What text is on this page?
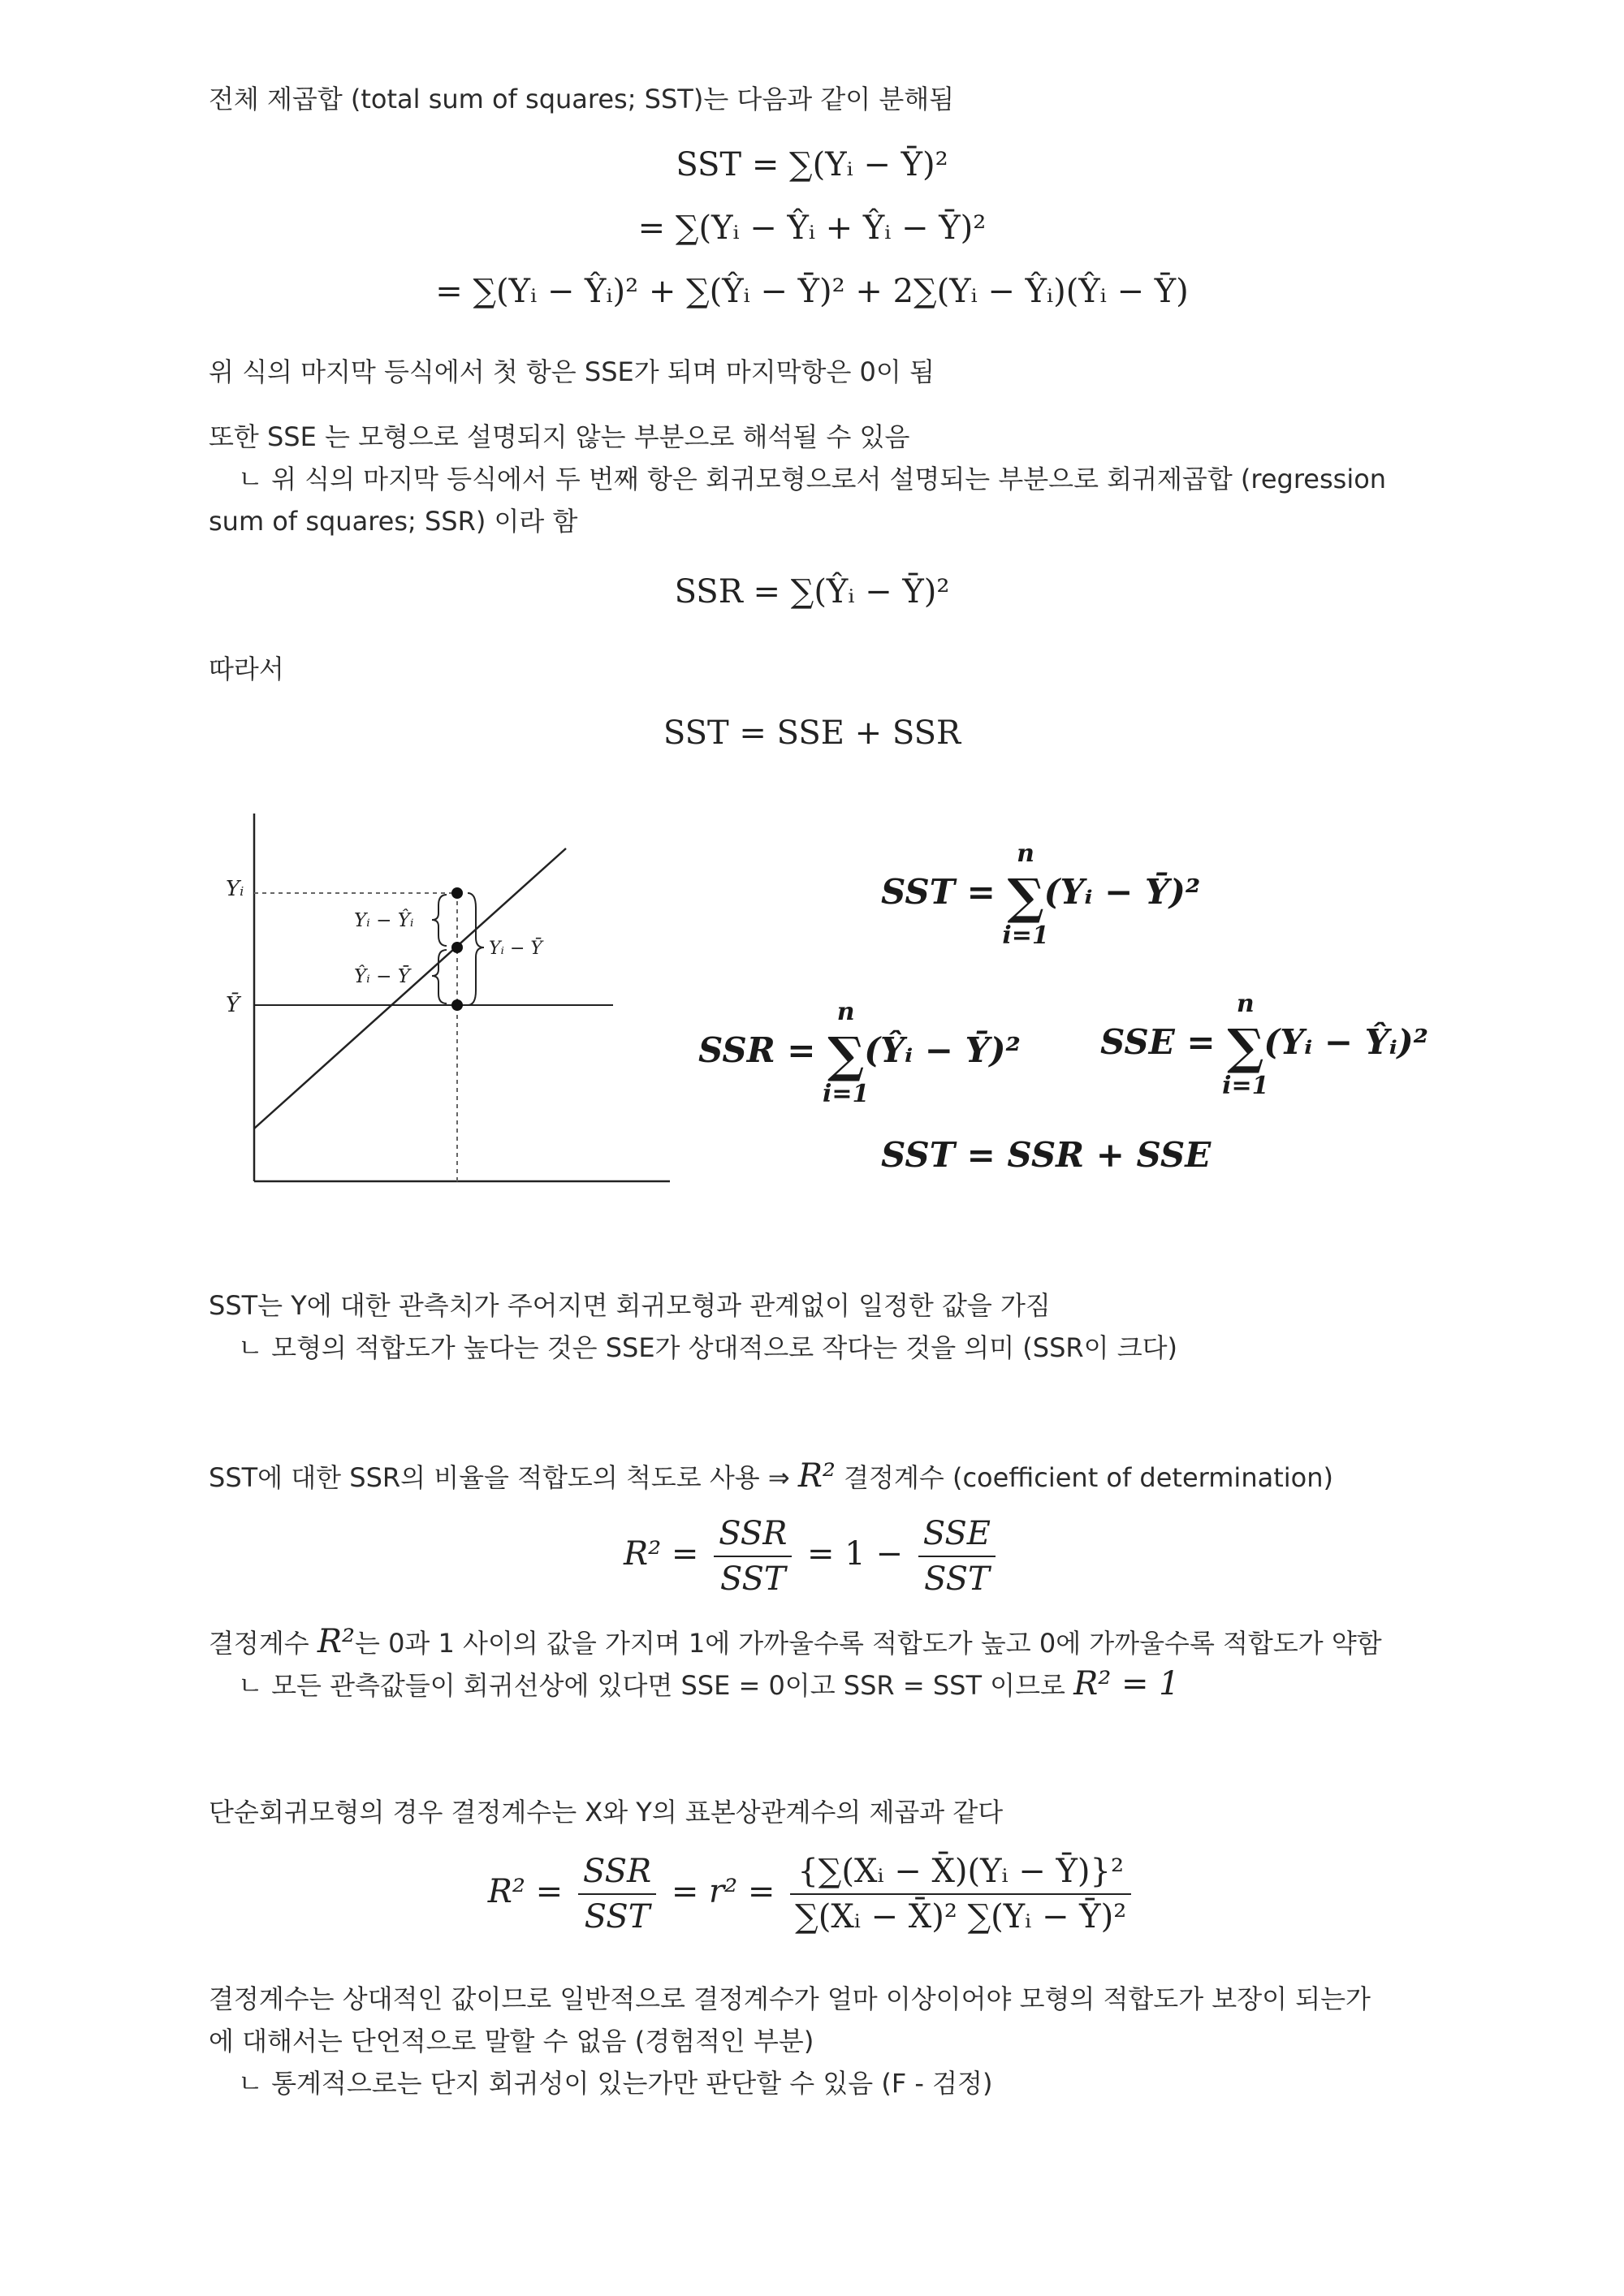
전체 제곱합 (total sum of squares; SST)는 다음과 같이 분해됨

SST = ∑(Yᵢ − Ȳ)²
= ∑(Yᵢ − Ŷᵢ + Ŷᵢ − Ȳ)²
= ∑(Yᵢ − Ŷᵢ)² + ∑(Ŷᵢ − Ȳ)² + 2∑(Yᵢ − Ŷᵢ)(Ŷᵢ − Ȳ)

위 식의 마지막 등식에서 첫 항은 SSE가 되며 마지막항은 0이 됨

또한 SSE 는 모형으로 설명되지 않는 부분으로 해석될 수 있음

ㄴ 위 식의 마지막 등식에서 두 번째 항은 회귀모형으로서 설명되는 부분으로 회귀제곱합 (regression

sum of squares; SSR) 이라 함

SSR = ∑(Ŷᵢ − Ȳ)²

따라서

SST = SSE + SSR
Yᵢ
Ȳ
Yᵢ − Ŷᵢ
Ŷᵢ − Ȳ
Yᵢ − Ȳ
SST = ∑
n
i=1
(Yᵢ − Ȳ)²
SSR = ∑
n
i=1
(Ŷᵢ − Ȳ)² SSE = ∑
n
i=1
(Yᵢ − Ŷᵢ)²
SST = SSR + SSE

SST는 Y에 대한 관측치가 주어지면 회귀모형과 관계없이 일정한 값을 가짐

ㄴ 모형의 적합도가 높다는 것은 SSE가 상대적으로 작다는 것을 의미 (SSR이 크다)

SST에 대한 SSR의 비율을 적합도의 척도로 사용 ⇒ R² 결정계수 (coefficient of determination)

$R^2 = \frac{\text{SSR}}{\text{SST}} = 1 - \frac{\text{SSE}}{\text{SST}}$

결정계수 R²는 0과 1 사이의 값을 가지며 1에 가까울수록 적합도가 높고 0에 가까울수록 적합도가 약함

ㄴ 모든 관측값들이 회귀선상에 있다면 SSE = 0이고 SSR = SST 이므로 R² = 1

단순회귀모형의 경우 결정계수는 X와 Y의 표본상관계수의 제곱과 같다

$R^2 = \frac{\text{SSR}}{\text{SST}} = r^2 = \frac{\text{\{∑(Xᵢ − X̄)(Yᵢ − Ȳ)\}²}}{\text{∑(Xᵢ − X̄)² ∑(Yᵢ − Ȳ)²}}$

결정계수는 상대적인 값이므로 일반적으로 결정계수가 얼마 이상이어야 모형의 적합도가 보장이 되는가

에 대해서는 단언적으로 말할 수 없음 (경험적인 부분)

ㄴ 통계적으로는 단지 회귀성이 있는가만 판단할 수 있음 (F - 검정)
